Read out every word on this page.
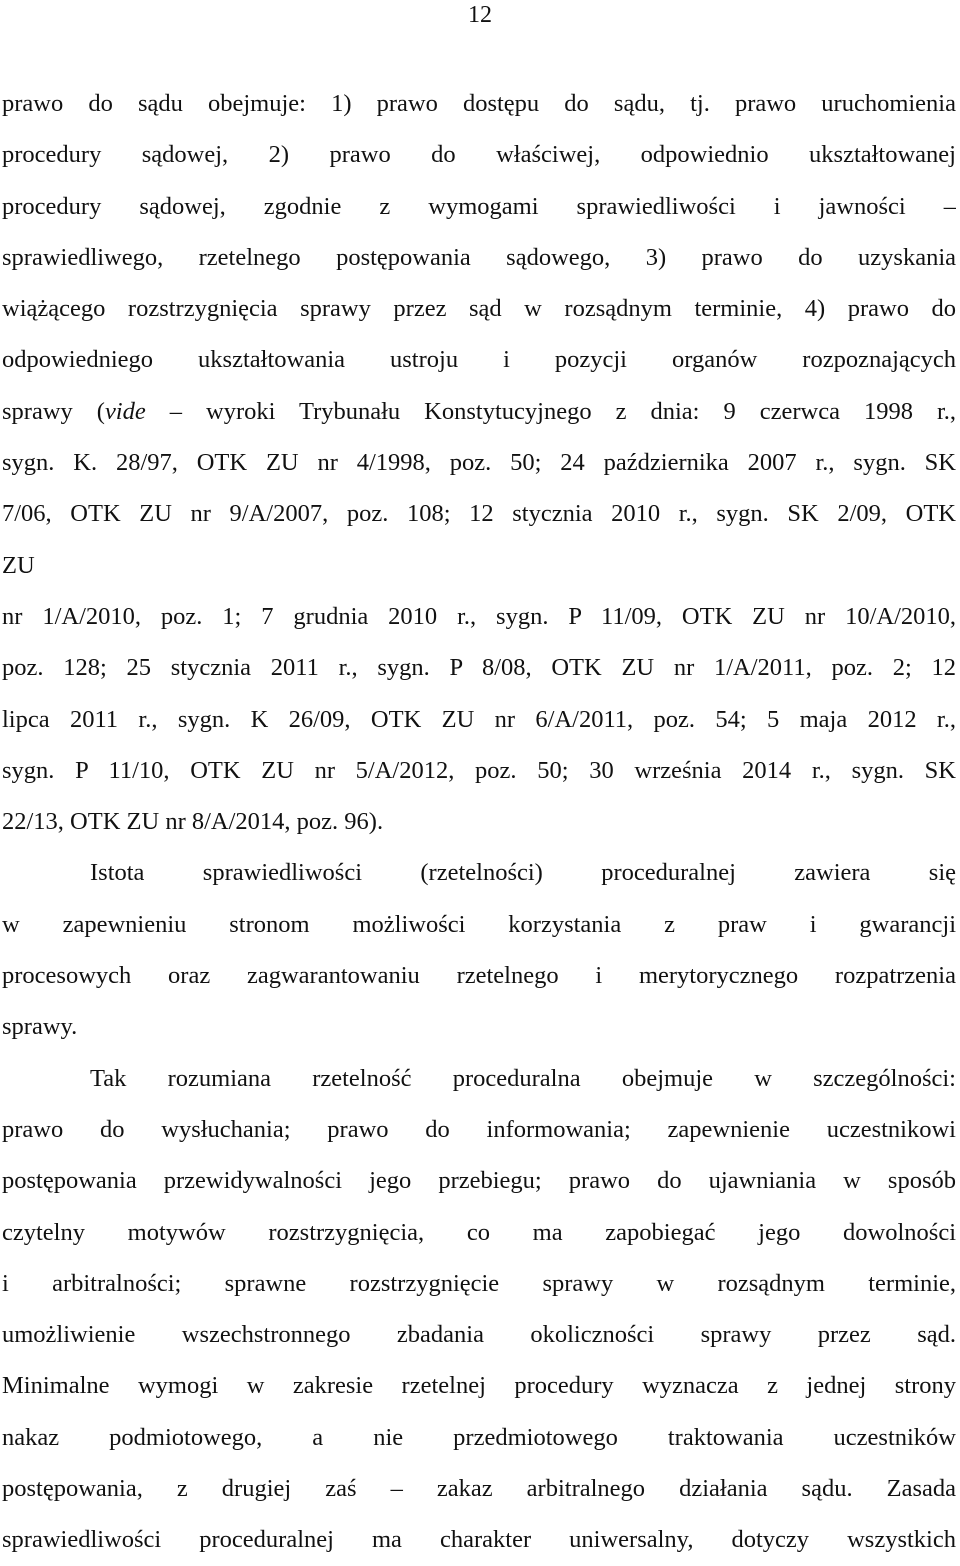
12
prawo do sądu obejmuje: 1) prawo dostępu do sądu, tj. prawo uruchomienia
procedury sądowej, 2) prawo do właściwej, odpowiednio ukształtowanej
procedury sądowej, zgodnie z wymogami sprawiedliwości i jawności –
sprawiedliwego, rzetelnego postępowania sądowego, 3) prawo do uzyskania
wiążącego rozstrzygnięcia sprawy przez sąd w rozsądnym terminie, 4) prawo do
odpowiedniego ukształtowania ustroju i pozycji organów rozpoznających
sprawy (vide – wyroki Trybunału Konstytucyjnego z dnia: 9 czerwca 1998 r.,
sygn. K. 28/97, OTK ZU nr 4/1998, poz. 50; 24 października 2007 r., sygn. SK
7/06, OTK ZU nr 9/A/2007, poz. 108; 12 stycznia 2010 r., sygn. SK 2/09, OTK
ZU
nr 1/A/2010, poz. 1; 7 grudnia 2010 r., sygn. P 11/09, OTK ZU nr 10/A/2010,
poz. 128; 25 stycznia 2011 r., sygn. P 8/08, OTK ZU nr 1/A/2011, poz. 2; 12
lipca 2011 r., sygn. K 26/09, OTK ZU nr 6/A/2011, poz. 54; 5 maja 2012 r.,
sygn. P 11/10, OTK ZU nr 5/A/2012, poz. 50; 30 września 2014 r., sygn. SK
22/13, OTK ZU nr 8/A/2014, poz. 96).
Istota sprawiedliwości (rzetelności) proceduralnej zawiera się
w zapewnieniu stronom możliwości korzystania z praw i gwarancji
procesowych oraz zagwarantowaniu rzetelnego i merytorycznego rozpatrzenia
sprawy.
Tak rozumiana rzetelność proceduralna obejmuje w szczególności:
prawo do wysłuchania; prawo do informowania; zapewnienie uczestnikowi
postępowania przewidywalności jego przebiegu; prawo do ujawniania w sposób
czytelny motywów rozstrzygnięcia, co ma zapobiegać jego dowolności
i arbitralności; sprawne rozstrzygnięcie sprawy w rozsądnym terminie,
umożliwienie wszechstronnego zbadania okoliczności sprawy przez sąd.
Minimalne wymogi w zakresie rzetelnej procedury wyznacza z jednej strony
nakaz podmiotowego, a nie przedmiotowego traktowania uczestników
postępowania, z drugiej zaś – zakaz arbitralnego działania sądu. Zasada
sprawiedliwości proceduralnej ma charakter uniwersalny, dotyczy wszystkich
